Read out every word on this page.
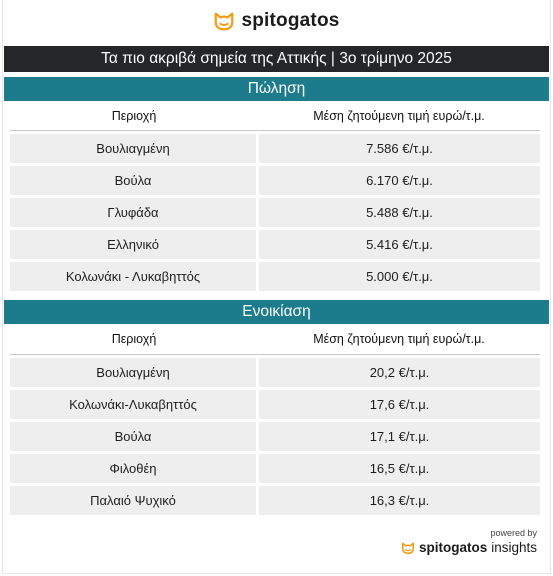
spitogatos
Τα πιο ακριβά σημεία της Αττικής | 3ο τρίμηνο 2025
Πώληση
Περιοχή	Μέση ζητούμενη τιμή ευρώ/τ.μ.
Βουλιαγμένη	7.586 €/τ.μ.
Βούλα	6.170 €/τ.μ.
Γλυφάδα	5.488 €/τ.μ.
Ελληνικό	5.416 €/τ.μ.
Κολωνάκι - Λυκαβηττός	5.000 €/τ.μ.
Ενοικίαση
Περιοχή	Μέση ζητούμενη τιμή ευρώ/τ.μ.
Βουλιαγμένη	20,2 €/τ.μ.
Κολωνάκι-Λυκαβηττός	17,6 €/τ.μ.
Βούλα	17,1 €/τ.μ.
Φιλοθέη	16,5 €/τ.μ.
Παλαιό Ψυχικό	16,3 €/τ.μ.
powered by
spitogatos insights
